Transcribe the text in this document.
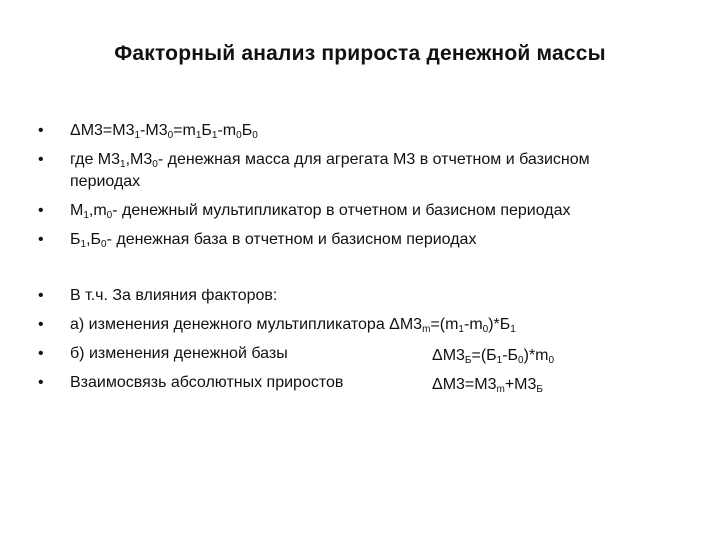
Факторный анализ прироста денежной массы
• $\Delta М3=М3_1-М3_0=m_1Б_1-m_0Б_0$
• где $М3_1,М3_0-$ денежная масса для агрегата М3 в отчетном и базисном
периодах
• $M_1,m_0-$ денежный мультипликатор в отчетном и базисном периодах
• $Б_1,Б_0-$ денежная база в отчетном и базисном периодах
• В т.ч. За влияния факторов:
• а) изменения денежного мультипликатора $\Delta М3_m=(m_1-m_0)*Б_1$
• б) изменения денежной базы	$\Delta М3_Б=(Б_1-Б_0)*m_0$
• Взаимосвязь абсолютных приростов	$\Delta М3=М3_m+М3_Б$
